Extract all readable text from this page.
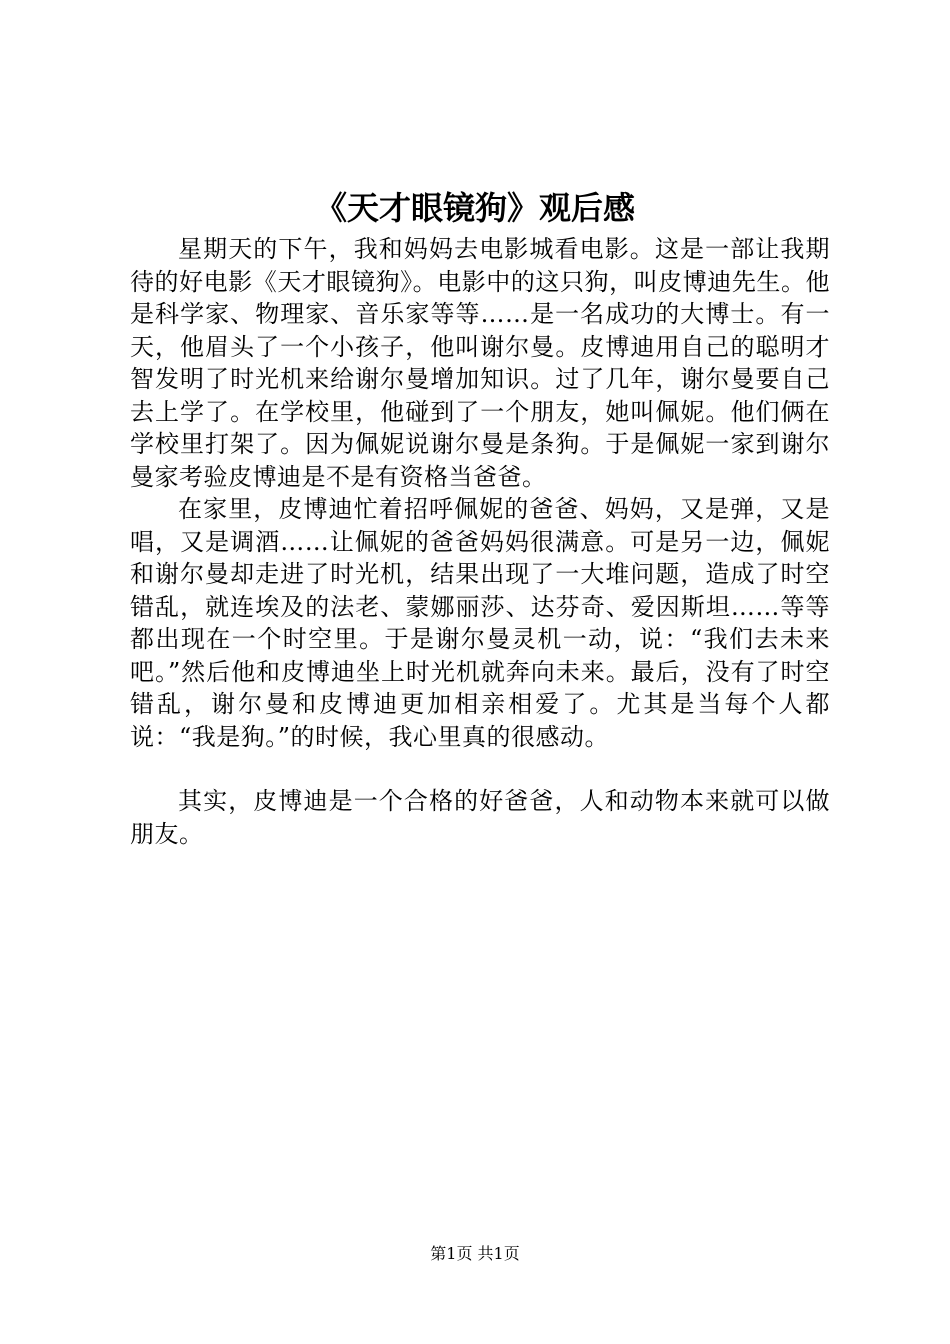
《天才眼镜狗》观后感

星期天的下午，我和妈妈去电影城看电影。这是一部让我期待的好电影《天才眼镜狗》。电影中的这只狗，叫皮博迪先生。他是科学家、物理家、音乐家等等……是一名成功的大博士。有一天，他眉头了一个小孩子，他叫谢尔曼。皮博迪用自己的聪明才智发明了时光机来给谢尔曼增加知识。过了几年，谢尔曼要自己去上学了。在学校里，他碰到了一个朋友，她叫佩妮。他们俩在学校里打架了。因为佩妮说谢尔曼是条狗。于是佩妮一家到谢尔曼家考验皮博迪是不是有资格当爸爸。

在家里，皮博迪忙着招呼佩妮的爸爸、妈妈，又是弹，又是唱，又是调酒……让佩妮的爸爸妈妈很满意。可是另一边，佩妮和谢尔曼却走进了时光机，结果出现了一大堆问题，造成了时空错乱，就连埃及的法老、蒙娜丽莎、达芬奇、爱因斯坦……等等都出现在一个时空里。于是谢尔曼灵机一动，说：“我们去未来吧。”然后他和皮博迪坐上时光机就奔向未来。最后，没有了时空错乱，谢尔曼和皮博迪更加相亲相爱了。尤其是当每个人都说：“我是狗。”的时候，我心里真的很感动。

其实，皮博迪是一个合格的好爸爸，人和动物本来就可以做朋友。

第1页 共1页
